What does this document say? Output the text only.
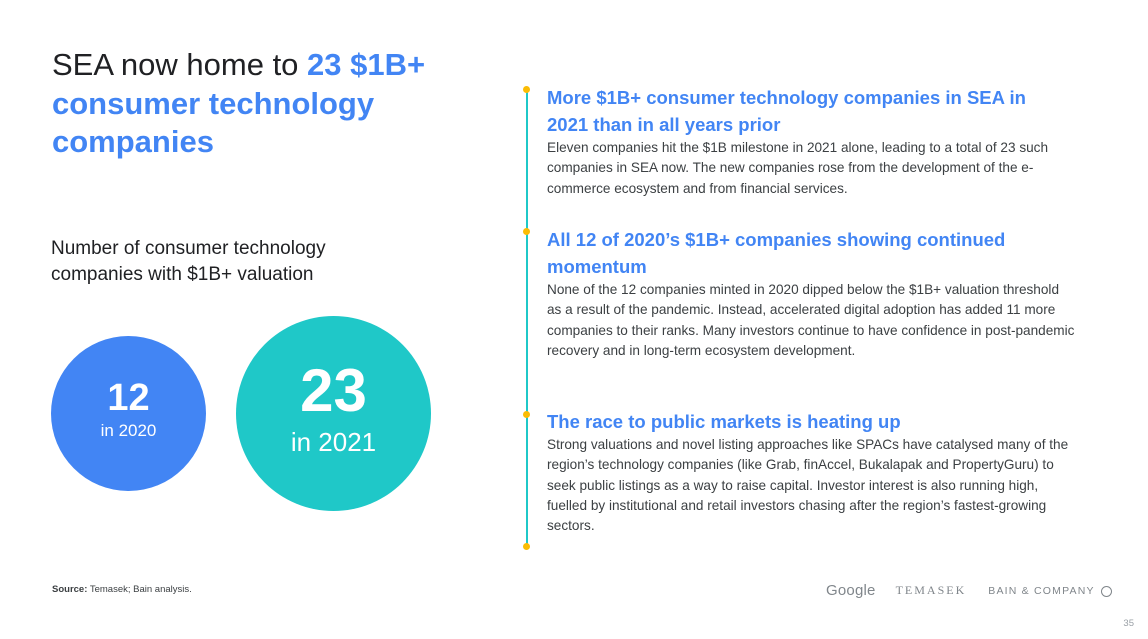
SEA now home to 23 $1B+ consumer technology companies
Number of consumer technology companies with $1B+ valuation
12
in 2020
23
in 2021
More $1B+ consumer technology companies in SEA in 2021 than in all years prior

Eleven companies hit the $1B milestone in 2021 alone, leading to a total of 23 such companies in SEA now. The new companies rose from the development of the e-commerce ecosystem and from financial services.

All 12 of 2020’s $1B+ companies showing continued momentum

None of the 12 companies minted in 2020 dipped below the $1B+ valuation threshold as a result of the pandemic. Instead, accelerated digital adoption has added 11 more companies to their ranks. Many investors continue to have confidence in post-pandemic recovery and in long-term ecosystem development.

The race to public markets is heating up

Strong valuations and novel listing approaches like SPACs have catalysed many of the region’s technology companies (like Grab, finAccel, Bukalapak and PropertyGuru) to seek public listings as a way to raise capital. Investor interest is also running high, fuelled by institutional and retail investors chasing after the region’s fastest-growing sectors.

Source: Temasek; Bain analysis.	Google TEMASEK BAIN & COMPANY
35
